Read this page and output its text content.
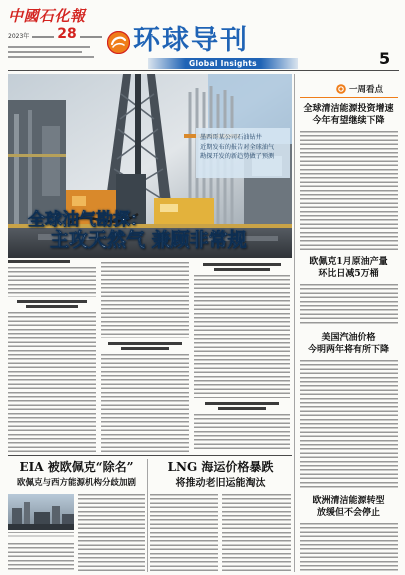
中國石化報
2023年 28 环球导刊
Global Insights	5
墨西哥某公司石油钻井
近期发布的报告对全球油气
勘探开发的新趋势做了预测
全球油气勘探：
主攻天然气 兼顾非常规
一周看点
全球清洁能源投资增速
今年有望继续下降
欧佩克1月原油产量
环比日减5万桶
美国汽油价格
今明两年将有所下降
欧洲清洁能源转型
放缓但不会停止
EIA 被欧佩克“除名”
欧佩克与西方能源机构分歧加剧
LNG 海运价格暴跌
将推动老旧运能淘汰
